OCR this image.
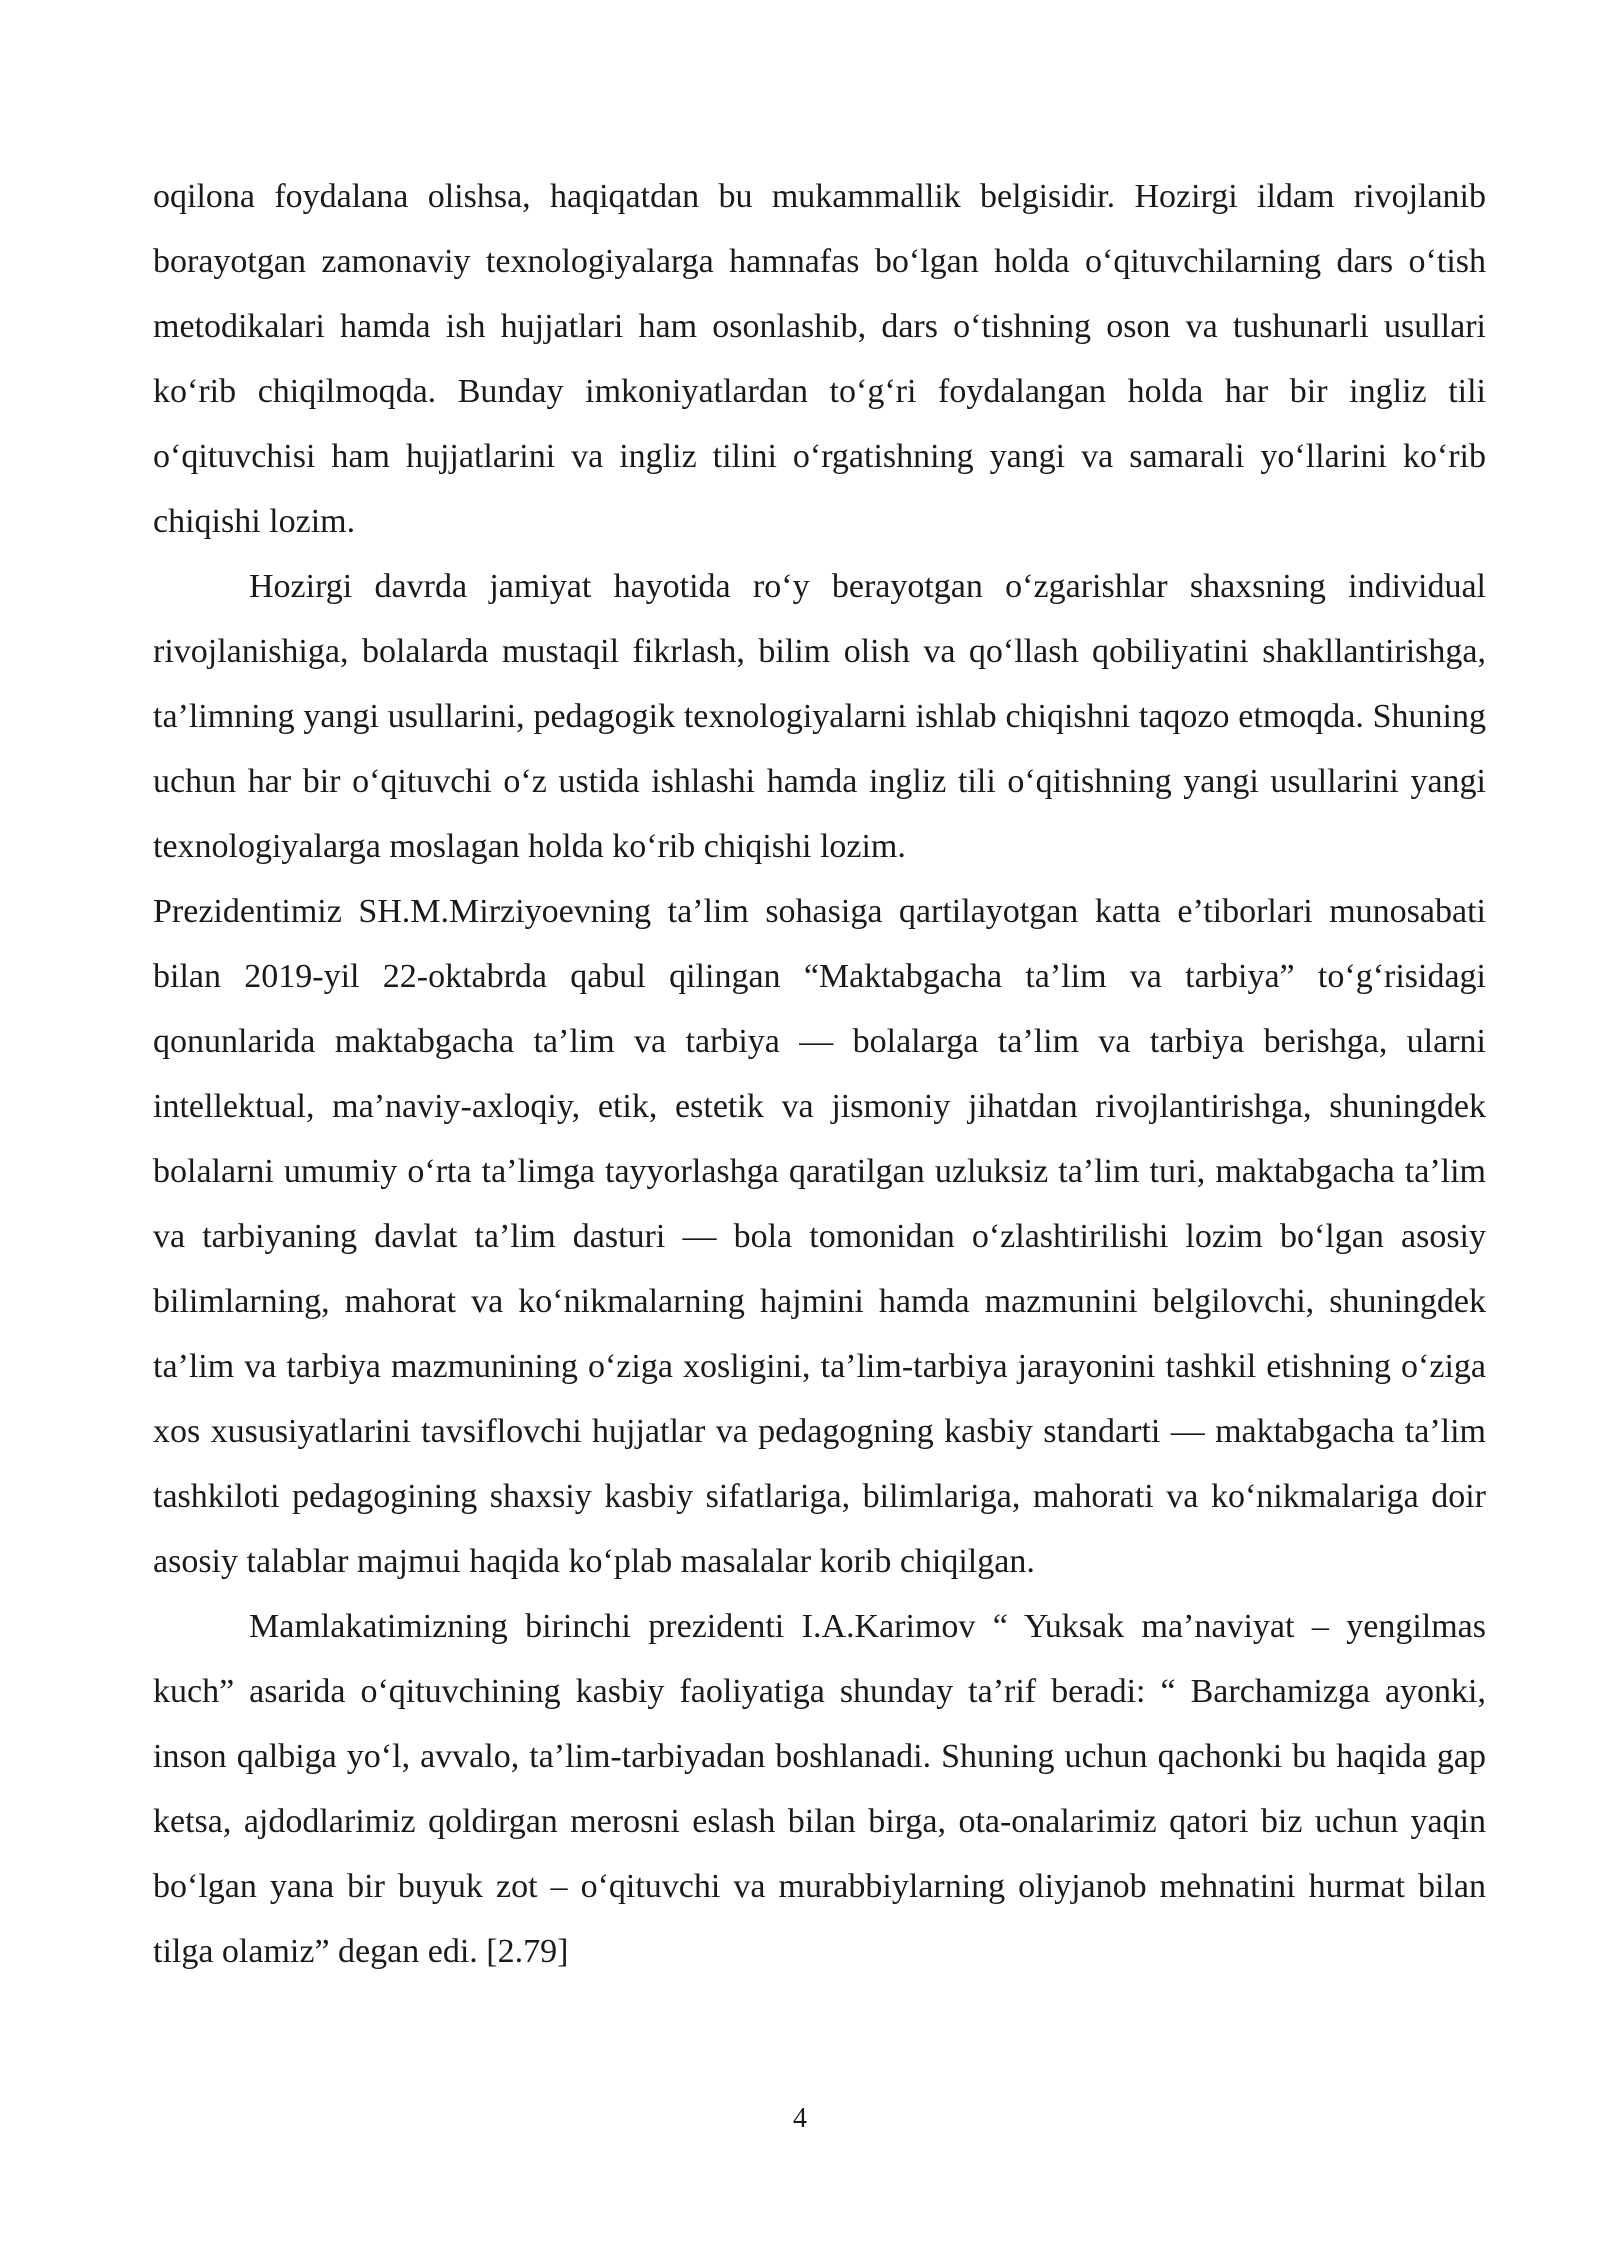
oqilona foydalana olishsa, haqiqatdan bu mukammallik belgisidir. Hozirgi ildam rivojlanib borayotgan zamonaviy texnologiyalarga hamnafas bo‘lgan holda o‘qituvchilarning dars o‘tish metodikalari hamda ish hujjatlari ham osonlashib, dars o‘tishning oson va tushunarli usullari ko‘rib chiqilmoqda. Bunday imkoniyatlardan to‘g‘ri foydalangan holda har bir ingliz tili o‘qituvchisi ham hujjatlarini va ingliz tilini o‘rgatishning yangi va samarali yo‘llarini ko‘rib chiqishi lozim.

Hozirgi davrda jamiyat hayotida ro‘y berayotgan o‘zgarishlar shaxsning individual rivojlanishiga, bolalarda mustaqil fikrlash, bilim olish va qo‘llash qobiliyatini shakllantirishga, ta’limning yangi usullarini, pedagogik texnologiyalarni ishlab chiqishni taqozo etmoqda. Shuning uchun har bir o‘qituvchi o‘z ustida ishlashi hamda ingliz tili o‘qitishning yangi usullarini yangi texnologiyalarga moslagan holda ko‘rib chiqishi lozim.

Prezidentimiz SH.M.Mirziyoevning ta’lim sohasiga qartilayotgan katta e’tiborlari munosabati bilan 2019-yil 22-oktabrda qabul qilingan “Maktabgacha ta’lim va tarbiya” to‘g‘risidagi qonunlarida maktabgacha ta’lim va tarbiya — bolalarga ta’lim va tarbiya berishga, ularni intellektual, ma’naviy-axloqiy, etik, estetik va jismoniy jihatdan rivojlantirishga, shuningdek bolalarni umumiy o‘rta ta’limga tayyorlashga qaratilgan uzluksiz ta’lim turi, maktabgacha ta’lim va tarbiyaning davlat ta’lim dasturi — bola tomonidan o‘zlashtirilishi lozim bo‘lgan asosiy bilimlarning, mahorat va ko‘nikmalarning hajmini hamda mazmunini belgilovchi, shuningdek ta’lim va tarbiya mazmunining o‘ziga xosligini, ta’lim-tarbiya jarayonini tashkil etishning o‘ziga xos xususiyatlarini tavsiflovchi hujjatlar va pedagogning kasbiy standarti — maktabgacha ta’lim tashkiloti pedagogining shaxsiy kasbiy sifatlariga, bilimlariga, mahorati va ko‘nikmalariga doir asosiy talablar majmui haqida ko‘plab masalalar korib chiqilgan.

Mamlakatimizning birinchi prezidenti I.A.Karimov “ Yuksak ma’naviyat – yengilmas kuch” asarida o‘qituvchining kasbiy faoliyatiga shunday ta’rif beradi: “ Barchamizga ayonki, inson qalbiga yo‘l, avvalo, ta’lim-tarbiyadan boshlanadi. Shuning uchun qachonki bu haqida gap ketsa, ajdodlarimiz qoldirgan merosni eslash bilan birga, ota-onalarimiz qatori biz uchun yaqin bo‘lgan yana bir buyuk zot – o‘qituvchi va murabbiylarning oliyjanob mehnatini hurmat bilan tilga olamiz” degan edi. [2.79]

4
